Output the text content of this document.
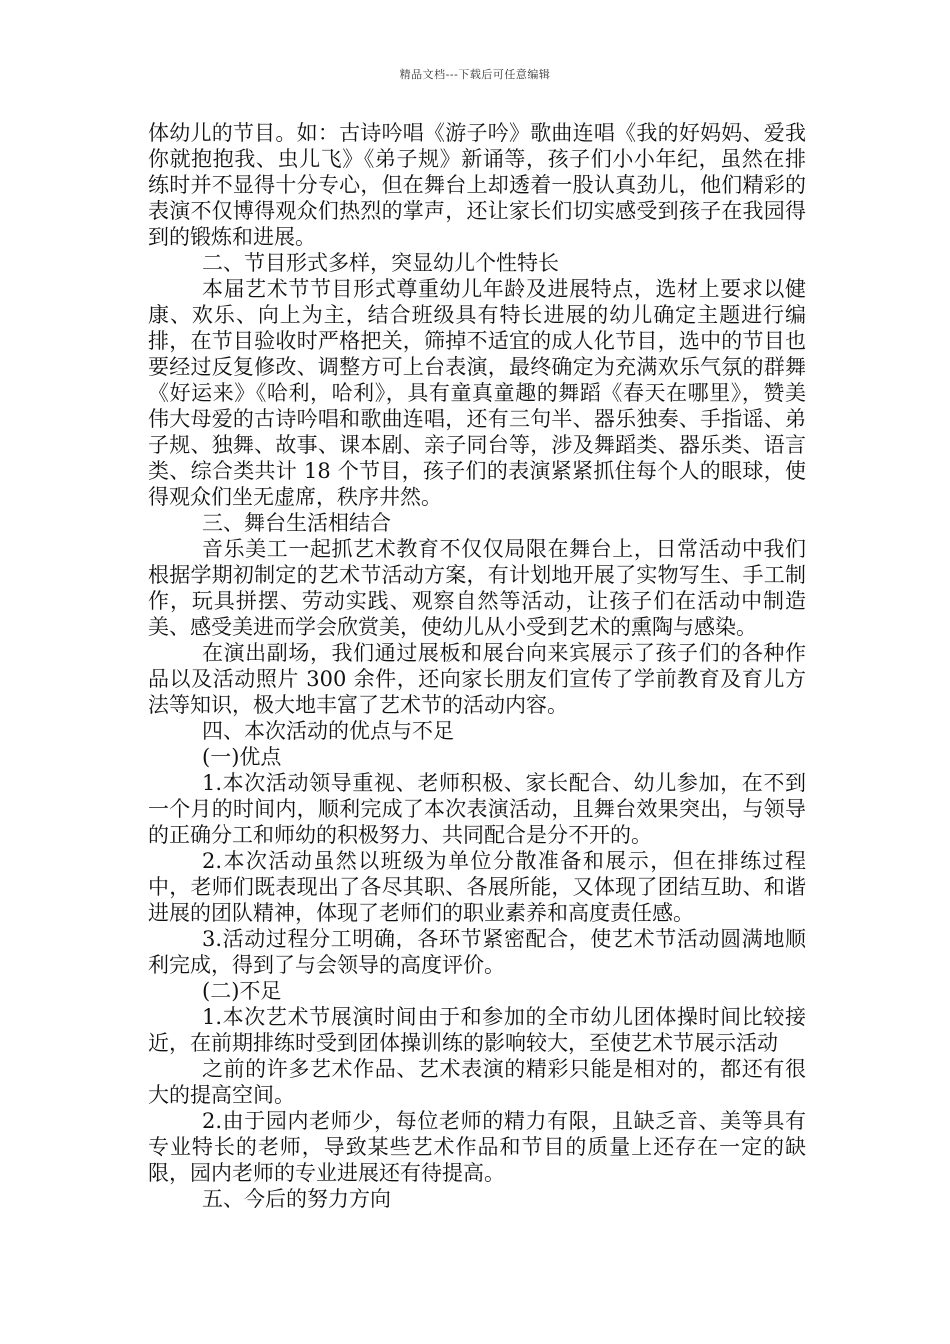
精品文档---下载后可任意编辑

体幼儿的节目。如：古诗吟唱《游子吟》歌曲连唱《我的好妈妈、爱我你就抱抱我、虫儿飞》《弟子规》新诵等，孩子们小小年纪，虽然在排练时并不显得十分专心，但在舞台上却透着一股认真劲儿，他们精彩的表演不仅博得观众们热烈的掌声，还让家长们切实感受到孩子在我园得到的锻炼和进展。

二、节目形式多样，突显幼儿个性特长

本届艺术节节目形式尊重幼儿年龄及进展特点，选材上要求以健康、欢乐、向上为主，结合班级具有特长进展的幼儿确定主题进行编排，在节目验收时严格把关，筛掉不适宜的成人化节目，选中的节目也要经过反复修改、调整方可上台表演，最终确定为充满欢乐气氛的群舞《好运来》《哈利，哈利》，具有童真童趣的舞蹈《春天在哪里》，赞美伟大母爱的古诗吟唱和歌曲连唱，还有三句半、器乐独奏、手指谣、弟子规、独舞、故事、课本剧、亲子同台等，涉及舞蹈类、器乐类、语言类、综合类共计 18 个节目，孩子们的表演紧紧抓住每个人的眼球，使得观众们坐无虚席，秩序井然。

三、舞台生活相结合

音乐美工一起抓艺术教育不仅仅局限在舞台上，日常活动中我们根据学期初制定的艺术节活动方案，有计划地开展了实物写生、手工制作，玩具拼摆、劳动实践、观察自然等活动，让孩子们在活动中制造美、感受美进而学会欣赏美，使幼儿从小受到艺术的熏陶与感染。

在演出副场，我们通过展板和展台向来宾展示了孩子们的各种作品以及活动照片 300 余件，还向家长朋友们宣传了学前教育及育儿方法等知识，极大地丰富了艺术节的活动内容。

四、本次活动的优点与不足

(一)优点

1.本次活动领导重视、老师积极、家长配合、幼儿参加，在不到一个月的时间内，顺利完成了本次表演活动，且舞台效果突出，与领导的正确分工和师幼的积极努力、共同配合是分不开的。

2.本次活动虽然以班级为单位分散准备和展示，但在排练过程中，老师们既表现出了各尽其职、各展所能，又体现了团结互助、和谐进展的团队精神，体现了老师们的职业素养和高度责任感。

3.活动过程分工明确，各环节紧密配合，使艺术节活动圆满地顺利完成，得到了与会领导的高度评价。

(二)不足

1.本次艺术节展演时间由于和参加的全市幼儿团体操时间比较接近，在前期排练时受到团体操训练的影响较大，至使艺术节展示活动

之前的许多艺术作品、艺术表演的精彩只能是相对的，都还有很大的提高空间。

2.由于园内老师少，每位老师的精力有限，且缺乏音、美等具有专业特长的老师，导致某些艺术作品和节目的质量上还存在一定的缺限，园内老师的专业进展还有待提高。

五、今后的努力方向
